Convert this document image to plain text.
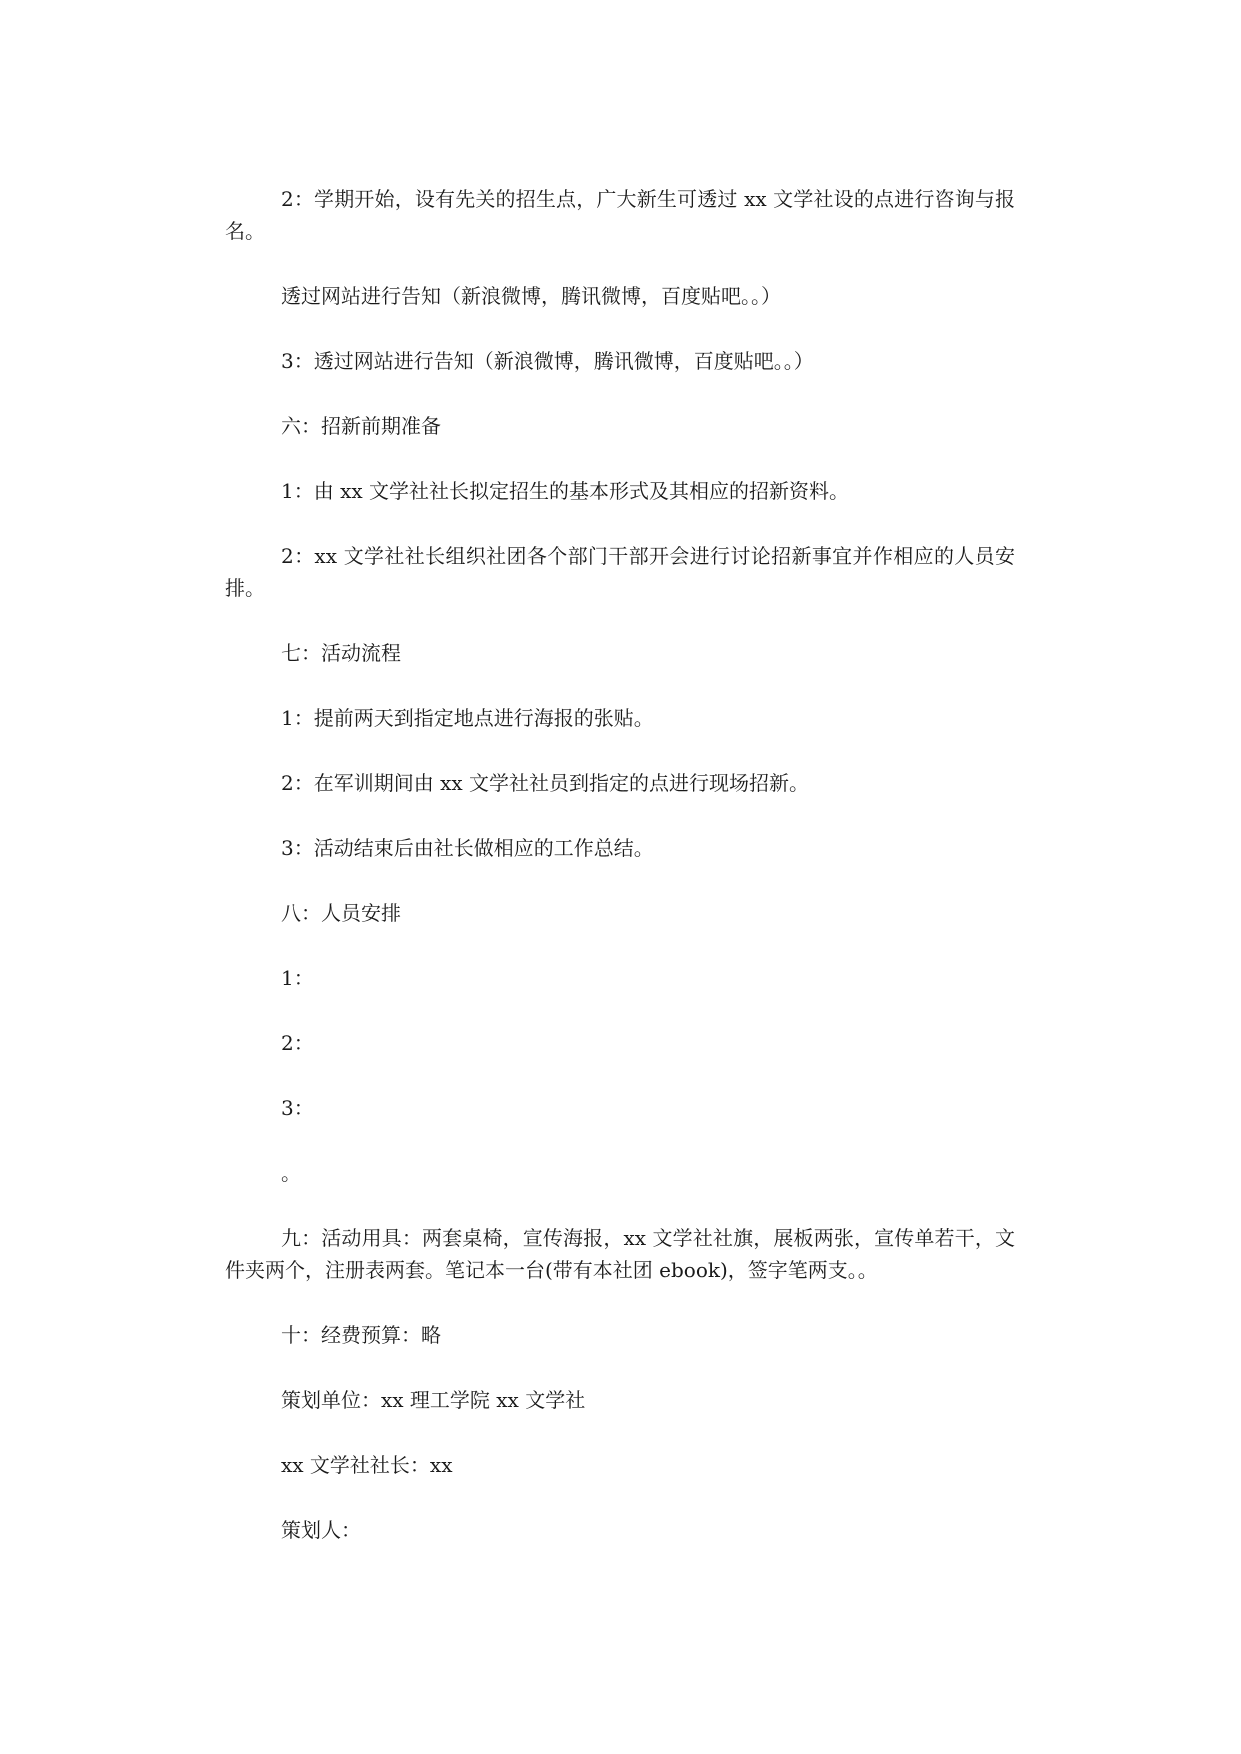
2：学期开始，设有先关的招生点，广大新生可透过 xx 文学社设的点进行咨询与报名。

透过网站进行告知（新浪微博，腾讯微博，百度贴吧。。）

3：透过网站进行告知（新浪微博，腾讯微博，百度贴吧。。）

六：招新前期准备

1：由 xx 文学社社长拟定招生的基本形式及其相应的招新资料。

2：xx 文学社社长组织社团各个部门干部开会进行讨论招新事宜并作相应的人员安排。

七：活动流程

1：提前两天到指定地点进行海报的张贴。

2：在军训期间由 xx 文学社社员到指定的点进行现场招新。

3：活动结束后由社长做相应的工作总结。

八：人员安排

1：

2：

3：

。

九：活动用具：两套桌椅，宣传海报，xx 文学社社旗，展板两张，宣传单若干，文件夹两个，注册表两套。笔记本一台(带有本社团 ebook)，签字笔两支。。

十：经费预算：略

策划单位：xx 理工学院 xx 文学社

xx 文学社社长：xx

策划人：
